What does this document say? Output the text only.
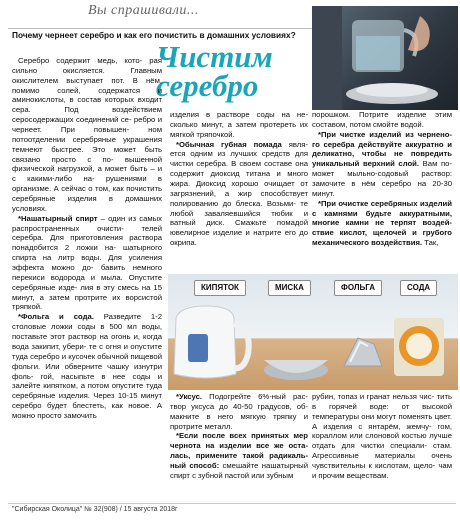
Вы спрашивали...
Почему чернеет серебро и как его почистить в домашних условиях?
Чистим
серебро

Серебро содержит медь, кото- рая сильно окисляется. Главным окислителем выступает пот. В нём, помимо солей, содержатся и аминокислоты, в состав которых входит сера. Под воздействием серосодержащих соединений се- ребро и чернеет. При повышен- ном потоотделении серебряные украшения темнеют быстрее. Это может быть связано просто с по- вышенной физической нагрузкой, а может быть – и с какими-либо на- рушениями в организме. А сейчас о том, как почистить серебряные изделия в домашних условиях.

*Нашатырный спирт – один из самых распространенных очисти- телей серебра. Для приготовления раствора понадобится 2 ложки на- шатырного спирта на литр воды. Для усиления эффекта можно до- бавить немного перекиси водорода и мыла. Опустите серебряные изде- лия в эту смесь на 15 минут, а затем протрите их ворсистой тряпкой.

*Фольга и сода. Разведите 1-2 столовые ложки соды в 500 мл воды, поставьте этот раствор на огонь и, когда вода закипит, убери- те с огня и опустите туда серебро и кусочек обычной пищевой фольги. Или обверните чашку изнутри фоль- гой, насыпьте в нее соды и залейте кипятком, а потом опустите туда серебряные изделия. Через 10-15 минут серебро будет блестеть, как новое. А можно просто замочить

изделия в растворе соды на не- сколько минут, а затем протереть их мягкой тряпочкой.

*Обычная губная помада явля- ется одним из лучших средств для чистки серебра. В своем составе она содержит диоксид титана и много жира. Диоксид хорошо очищает от загрязнений, а жир способствует полированию до блеска. Возьми- те любой заваляевшийся тюбик и ватный диск. Смажьте помадой ювелирное изделие и натрите его до окрипа.

порошком. Потрите изделие этим составом, потом смойте водой.

*При чистке изделий из чернено- го серебра действуйте аккуратно и деликатно, чтобы не повредить уникальный верхний слой. Вам по- может мыльно-содовый раствор: замочите в нём серебро на 20-30 минут.

*При очистке серебряных изделий с камнями будьте аккуратными, многие камни не терпят воздей- ствие кислот, щелочей и грубого механического воздействия. Так,

КИПЯТОК	МИСКА	ФОЛЬГА	СОДА

*Уксус. Подогрейте 6%-ный рас- твор уксуса до 40-50 градусов, об- макните в него мягкую тряпку и протрите металл.

*Если после всех принятых мер чернота на изделии все же оста- лась, примените такой радикаль- ный способ: смешайте нашатырный спирт с зубной пастой или зубным

рубин, топаз и гранат нельзя чис- тить в горячей воде: от высокой температуры они могут поменять цвет. А изделия с янтарём, жемчу- гом, кораллом или слоновой костью лучше отдать для чистки специали- стам. Агрессивные материалы очень чувствительны к кислотам, щело- чам и прочим веществам.

"Сибирская Околица" № 32(908) / 15 августа 2018г
